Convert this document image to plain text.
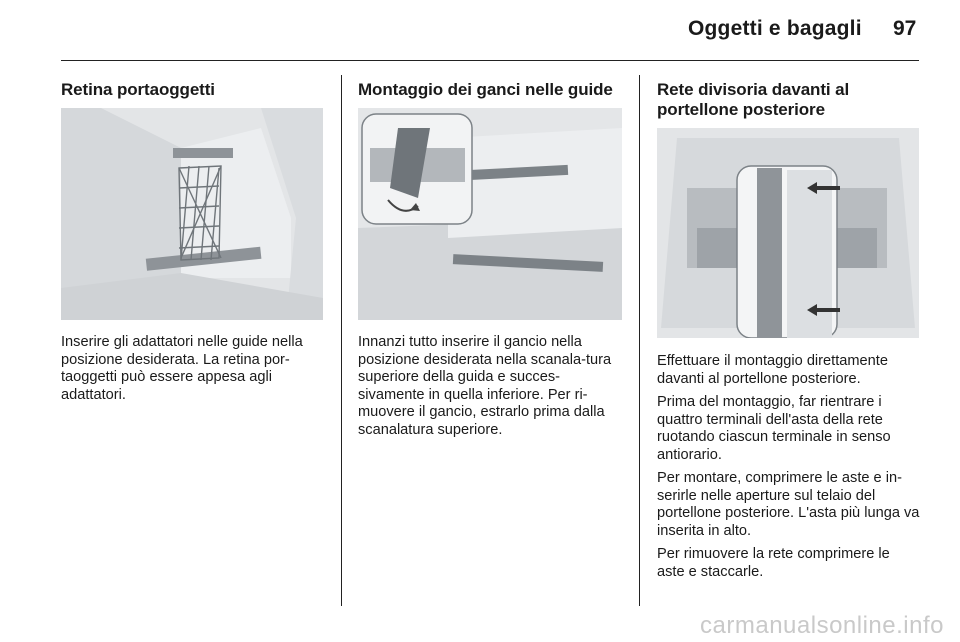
Oggetti e bagagli 97
Retina portaoggetti

Inserire gli adattatori nelle guide nella posizione desiderata. La retina por-taoggetti può essere appesa agli adattatori.

Montaggio dei ganci nelle guide

Innanzi tutto inserire il gancio nella posizione desiderata nella scanala-tura superiore della guida e succes-sivamente in quella inferiore. Per ri-muovere il gancio, estrarlo prima dalla scanalatura superiore.

Rete divisoria davanti al portellone posteriore

Effettuare il montaggio direttamente davanti al portellone posteriore.

Prima del montaggio, far rientrare i quattro terminali dell'asta della rete ruotando ciascun terminale in senso antiorario.

Per montare, comprimere le aste e in-serirle nelle aperture sul telaio del portellone posteriore. L'asta più lunga va inserita in alto.

Per rimuovere la rete comprimere le aste e staccarle.

carmanualsonline.info
